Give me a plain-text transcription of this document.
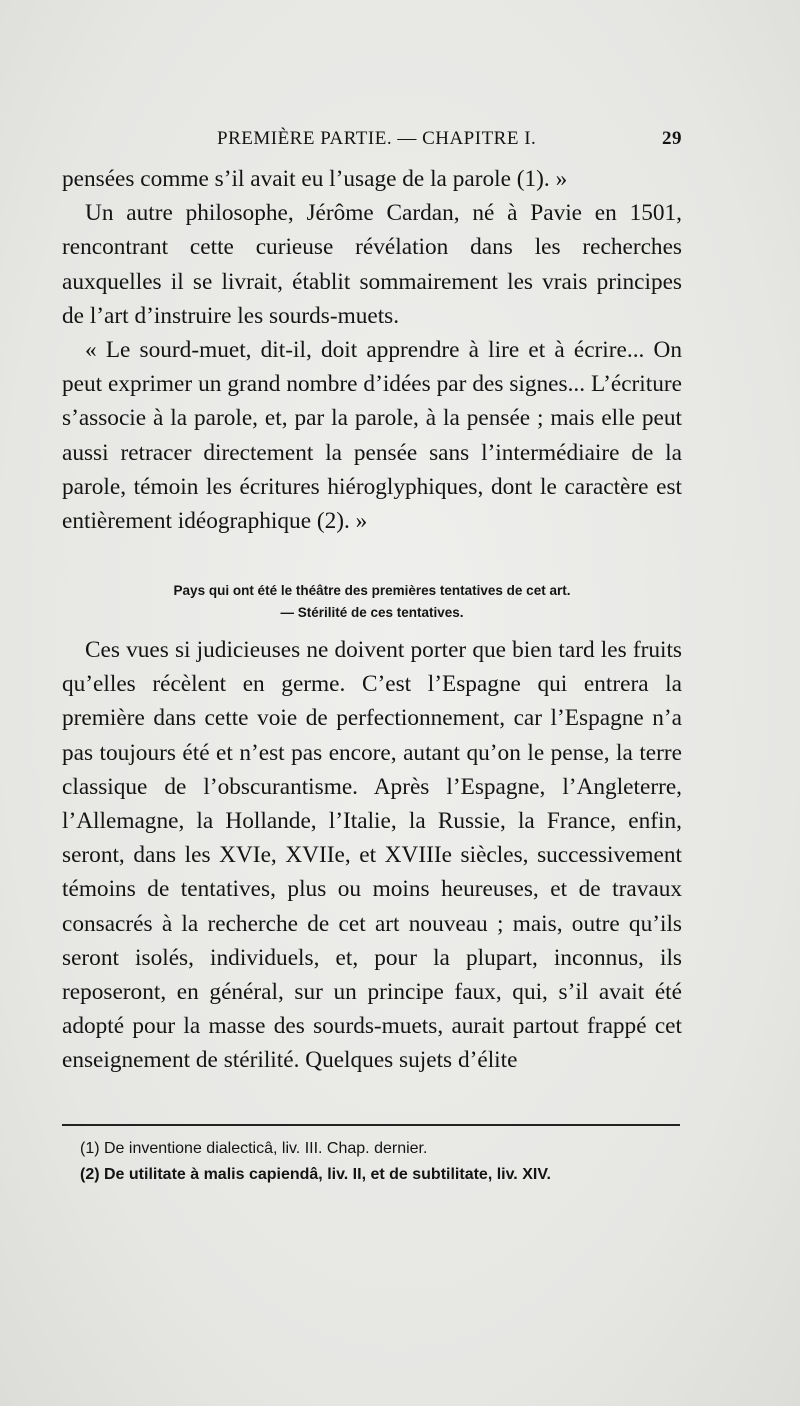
PREMIÈRE PARTIE. — CHAPITRE I.	29

pensées comme s’il avait eu l’usage de la parole (1). »

Un autre philosophe, Jérôme Cardan, né à Pavie en 1501, rencontrant cette curieuse révélation dans les recherches auxquelles il se livrait, établit sommairement les vrais principes de l’art d’instruire les sourds-muets.

« Le sourd-muet, dit-il, doit apprendre à lire et à écrire... On peut exprimer un grand nombre d’idées par des signes... L’écriture s’associe à la parole, et, par la parole, à la pensée ; mais elle peut aussi retracer directement la pensée sans l’intermédiaire de la parole, témoin les écritures hiéroglyphiques, dont le caractère est entièrement idéographique (2). »

Pays qui ont été le théâtre des premières tentatives de cet art.
— Stérilité de ces tentatives.

Ces vues si judicieuses ne doivent porter que bien tard les fruits qu’elles récèlent en germe. C’est l’Espagne qui entrera la première dans cette voie de perfectionnement, car l’Espagne n’a pas toujours été et n’est pas encore, autant qu’on le pense, la terre classique de l’obscurantisme. Après l’Espagne, l’Angleterre, l’Allemagne, la Hollande, l’Italie, la Russie, la France, enfin, seront, dans les XVIe, XVIIe, et XVIIIe siècles, successivement témoins de tentatives, plus ou moins heureuses, et de travaux consacrés à la recherche de cet art nouveau ; mais, outre qu’ils seront isolés, individuels, et, pour la plupart, inconnus, ils reposeront, en général, sur un principe faux, qui, s’il avait été adopté pour la masse des sourds-muets, aurait partout frappé cet enseignement de stérilité. Quelques sujets d’élite

(1) De inventione dialecticâ, liv. III. Chap. dernier.
(2) De utilitate à malis capiendâ, liv. II, et de subtilitate, liv. XIV.
